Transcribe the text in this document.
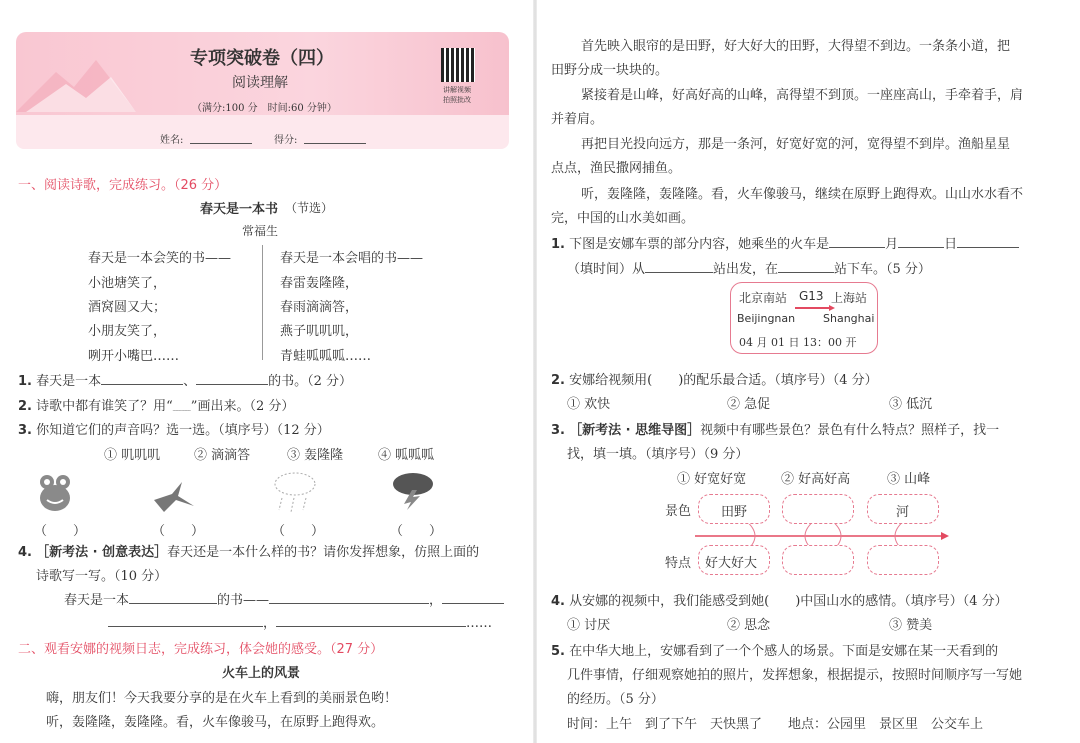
专项突破卷（四）
阅读理解
（满分:100 分　时间:60 分钟）
讲解视频
拍照批改
姓名:	得分:
一、阅读诗歌，完成练习。（26 分）
春天是一本书 （节选）
常福生
春天是一本会笑的书——
小池塘笑了，
酒窝圆又大；
小朋友笑了，
咧开小嘴巴……
春天是一本会唱的书——
春雷轰隆隆，
春雨滴滴答，
燕子叽叽叽，
青蛙呱呱呱……
1. 春天是一本	、	的书。（2 分）
2. 诗歌中都有谁笑了？用“﹏﹏”画出来。（2 分）
3. 你知道它们的声音吗？选一选。（填序号）（12 分）
① 叽叽叽	② 滴滴答	③ 轰隆隆	④ 呱呱呱
（　　）	（　　）	（　　）	（　　）
4. ［新考法 · 创意表达］春天还是一本什么样的书？请你发挥想象，仿照上面的
诗歌写一写。（10 分）
春天是一本	的书——	，
，	……
二、观看安娜的视频日志，完成练习，体会她的感受。（27 分）
火车上的风景
嗨，朋友们！今天我要分享的是在火车上看到的美丽景色哟！
听，轰隆隆，轰隆隆。看，火车像骏马，在原野上跑得欢。
首先映入眼帘的是田野，好大好大的田野，大得望不到边。一条条小道，把
田野分成一块块的。
紧接着是山峰，好高好高的山峰，高得望不到顶。一座座高山，手牵着手，肩
并着肩。
再把目光投向远方，那是一条河，好宽好宽的河，宽得望不到岸。渔船星星
点点，渔民撒网捕鱼。
听，轰隆隆，轰隆隆。看，火车像骏马，继续在原野上跑得欢。山山水水看不
完，中国的山水美如画。
1. 下图是安娜车票的部分内容，她乘坐的火车是	月	日
（填时间）从	站出发，在	站下车。（5 分）
北京南站 G13 上海站
Beijingnan	Shanghai
04 月 01 日 13：00 开
2. 安娜给视频用(　　)的配乐最合适。（填序号）（4 分）
① 欢快	② 急促	③ 低沉
3. ［新考法 · 思维导图］视频中有哪些景色？景色有什么特点？照样子，找一
找，填一填。（填序号）（9 分）
① 好宽好宽	② 好高好高	③ 山峰
景色
特点
田野	河
好大好大
4. 从安娜的视频中，我们能感受到她(　　)中国山水的感情。（填序号）（4 分）
① 讨厌	② 思念	③ 赞美
5. 在中华大地上，安娜看到了一个个感人的场景。下面是安娜在某一天看到的
几件事情，仔细观察她拍的照片，发挥想象，根据提示，按照时间顺序写一写她
的经历。（5 分）
时间：上午　到了下午　天快黑了　　地点：公园里　景区里　公交车上
